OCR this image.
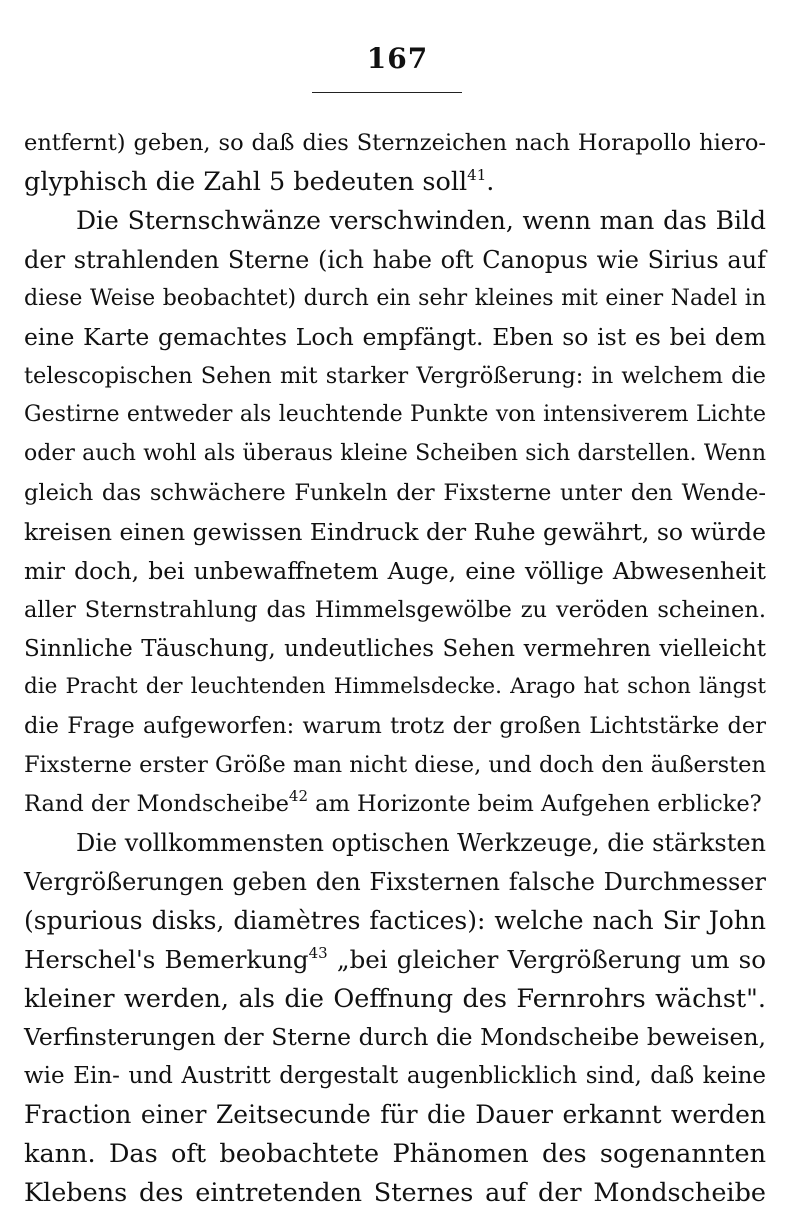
167
entfernt) geben, so daß dies Sternzeichen nach Horapollo hiero-
glyphisch die Zahl 5 bedeuten soll$^{41}$.
Die Sternschwänze verschwinden, wenn man das Bild
der strahlenden Sterne (ich habe oft Canopus wie Sirius auf
diese Weise beobachtet) durch ein sehr kleines mit einer Nadel in
eine Karte gemachtes Loch empfängt. Eben so ist es bei dem
telescopischen Sehen mit starker Vergrößerung: in welchem die
Gestirne entweder als leuchtende Punkte von intensiverem Lichte
oder auch wohl als überaus kleine Scheiben sich darstellen. Wenn
gleich das schwächere Funkeln der Fixsterne unter den Wende-
kreisen einen gewissen Eindruck der Ruhe gewährt, so würde
mir doch, bei unbewaffnetem Auge, eine völlige Abwesenheit
aller Sternstrahlung das Himmelsgewölbe zu veröden scheinen.
Sinnliche Täuschung, undeutliches Sehen vermehren vielleicht
die Pracht der leuchtenden Himmelsdecke. Arago hat schon längst
die Frage aufgeworfen: warum trotz der großen Lichtstärke der
Fixsterne erster Größe man nicht diese, und doch den äußersten
Rand der Mondscheibe$^{42}$ am Horizonte beim Aufgehen erblicke?
Die vollkommensten optischen Werkzeuge, die stärksten
Vergrößerungen geben den Fixsternen falsche Durchmesser
(spurious disks, diamètres factices): welche nach Sir John
Herschel's Bemerkung$^{43}$ „bei gleicher Vergrößerung um so
kleiner werden, als die Oeffnung des Fernrohrs wächst".
Verfinsterungen der Sterne durch die Mondscheibe beweisen,
wie Ein- und Austritt dergestalt augenblicklich sind, daß keine
Fraction einer Zeitsecunde für die Dauer erkannt werden
kann. Das oft beobachtete Phänomen des sogenannten
Klebens des eintretenden Sternes auf der Mondscheibe
